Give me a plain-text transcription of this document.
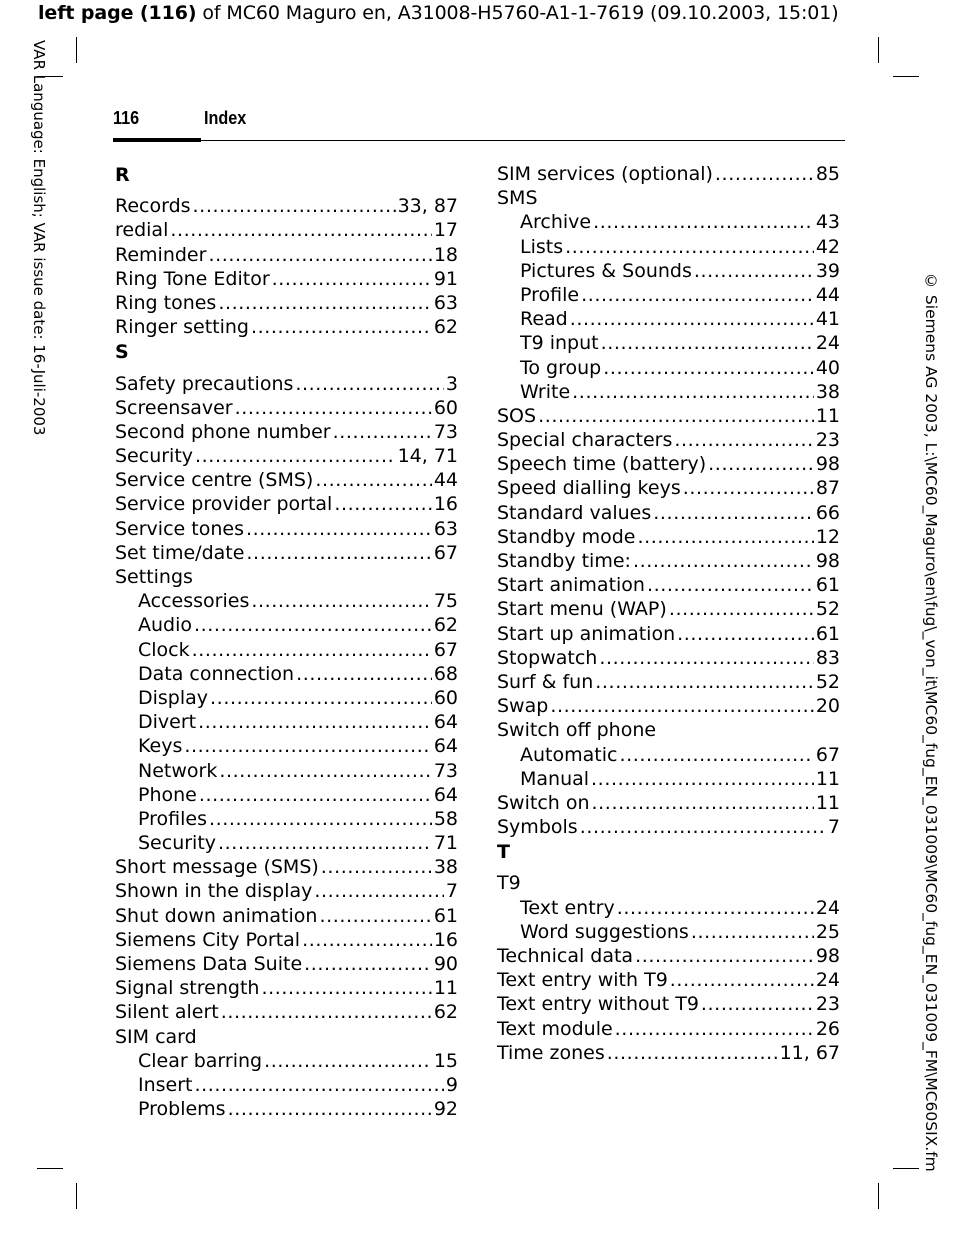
left page (116) of MC60 Maguro en, A31008-H5760-A1-1-7619 (09.10.2003, 15:01)
VAR Language: English; VAR issue date: 16-Juli-2003
© Siemens AG 2003, L:\MC60_Maguro\en\fug\_von_it\MC60_fug_EN_031009\MC60_fug_EN_031009_FM\MC60SIX.fm
116	Index
R
Records .....	33, 87
redial .....	17
Reminder .....	18
Ring Tone Editor .....	91
Ring tones .....	63
Ringer setting .....	62
S
Safety precautions .....	3
Screensaver .....	60
Second phone number .....	73
Security .....	14, 71
Service centre (SMS) .....	44
Service provider portal .....	16
Service tones .....	63
Set time/date .....	67
Settings
Accessories .....	75
Audio .....	62
Clock .....	67
Data connection .....	68
Display .....	60
Divert .....	64
Keys .....	64
Network .....	73
Phone .....	64
Profiles .....	58
Security .....	71
Short message (SMS) .....	38
Shown in the display .....	7
Shut down animation .....	61
Siemens City Portal .....	16
Siemens Data Suite .....	90
Signal strength .....	11
Silent alert .....	62
SIM card
Clear barring .....	15
Insert .....	9
Problems .....	92
SIM services (optional) .....	85
SMS
Archive .....	43
Lists .....	42
Pictures & Sounds .....	39
Profile .....	44
Read .....	41
T9 input .....	24
To group .....	40
Write .....	38
SOS .....	11
Special characters .....	23
Speech time (battery) .....	98
Speed dialling keys .....	87
Standard values .....	66
Standby mode .....	12
Standby time: .....	98
Start animation .....	61
Start menu (WAP) .....	52
Start up animation .....	61
Stopwatch .....	83
Surf & fun .....	52
Swap .....	20
Switch off phone
Automatic .....	67
Manual .....	11
Switch on .....	11
Symbols .....	7
T
T9
Text entry .....	24
Word suggestions .....	25
Technical data .....	98
Text entry with T9 .....	24
Text entry without T9 .....	23
Text module .....	26
Time zones .....	11, 67
